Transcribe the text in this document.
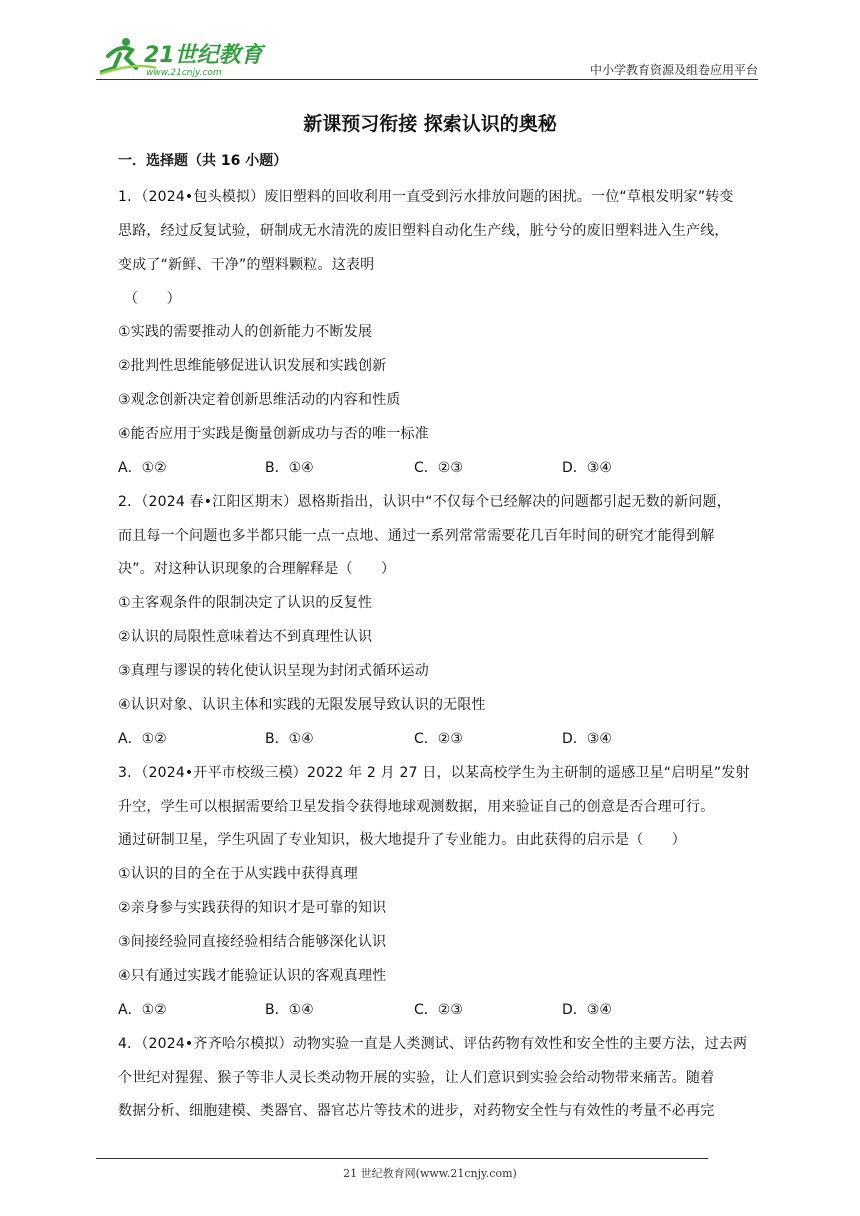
21世纪教育
www.21cnjy.com	中小学教育资源及组卷应用平台
新课预习衔接 探索认识的奥秘
一．选择题（共 16 小题）
1．（2024•包头模拟）废旧塑料的回收利用一直受到污水排放问题的困扰。一位“草根发明家”转变
思路，经过反复试验，研制成无水清洗的废旧塑料自动化生产线，脏兮兮的废旧塑料进入生产线，
变成了“新鲜、干净”的塑料颗粒。这表明
（　　）
①实践的需要推动人的创新能力不断发展
②批判性思维能够促进认识发展和实践创新
③观念创新决定着创新思维活动的内容和性质
④能否应用于实践是衡量创新成功与否的唯一标准
A．①②	B．①④	C．②③	D．③④
2．（2024 春•江阳区期末）恩格斯指出，认识中“不仅每个已经解决的问题都引起无数的新问题，
而且每一个问题也多半都只能一点一点地、通过一系列常常需要花几百年时间的研究才能得到解
决”。对这种认识现象的合理解释是（　　）
①主客观条件的限制决定了认识的反复性
②认识的局限性意味着达不到真理性认识
③真理与谬误的转化使认识呈现为封闭式循环运动
④认识对象、认识主体和实践的无限发展导致认识的无限性
A．①②	B．①④	C．②③	D．③④
3．（2024•开平市校级三模）2022 年 2 月 27 日，以某高校学生为主研制的遥感卫星“启明星”发射
升空，学生可以根据需要给卫星发指令获得地球观测数据，用来验证自己的创意是否合理可行。
通过研制卫星，学生巩固了专业知识，极大地提升了专业能力。由此获得的启示是（　　）
①认识的目的全在于从实践中获得真理
②亲身参与实践获得的知识才是可靠的知识
③间接经验同直接经验相结合能够深化认识
④只有通过实践才能验证认识的客观真理性
A．①②	B．①④	C．②③	D．③④
4．（2024•齐齐哈尔模拟）动物实验一直是人类测试、评估药物有效性和安全性的主要方法，过去两
个世纪对猩猩、猴子等非人灵长类动物开展的实验，让人们意识到实验会给动物带来痛苦。随着
数据分析、细胞建模、类器官、器官芯片等技术的进步，对药物安全性与有效性的考量不必再完
21 世纪教育网(www.21cnjy.com)
